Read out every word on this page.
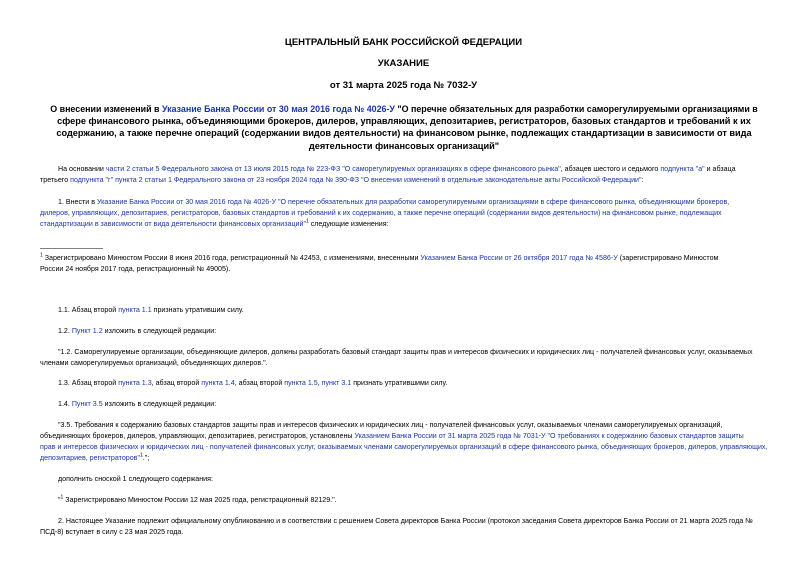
ЦЕНТРАЛЬНЫЙ БАНК РОССИЙСКОЙ ФЕДЕРАЦИИ
УКАЗАНИЕ
от 31 марта 2025 года № 7032-У
О внесении изменений в Указание Банка России от 30 мая 2016 года № 4026-У "О перечне обязательных для разработки саморегулируемыми организациями в
сфере финансового рынка, объединяющими брокеров, дилеров, управляющих, депозитариев, регистраторов, базовых стандартов и требований к их
содержанию, а также перечне операций (содержании видов деятельности) на финансовом рынке, подлежащих стандартизации в зависимости от вида
деятельности финансовых организаций"
На основании части 2 статьи 5 Федерального закона от 13 июля 2015 года № 223-ФЗ "О саморегулируемых организациях в сфере финансового рынка", абзацев шестого и седьмого подпункта "а" и абзаца
третьего подпункта "г" пункта 2 статьи 1 Федерального закона от 23 ноября 2024 года № 390-ФЗ "О внесении изменений в отдельные законодательные акты Российской Федерации":
1. Внести в Указание Банка России от 30 мая 2016 года № 4026-У "О перечне обязательных для разработки саморегулируемыми организациями в сфере финансового рынка, объединяющими брокеров,
дилеров, управляющих, депозитариев, регистраторов, базовых стандартов и требований к их содержанию, а также перечне операций (содержании видов деятельности) на финансовом рынке, подлежащих
стандартизации в зависимости от вида деятельности финансовых организаций"$^1$ следующие изменения:
$^1$ Зарегистрировано Минюстом России 8 июня 2016 года, регистрационный № 42453, с изменениями, внесенными Указанием Банка России от 26 октября 2017 года № 4586-У (зарегистрировано Минюстом
России 24 ноября 2017 года, регистрационный № 49005).
1.1. Абзац второй пункта 1.1 признать утратившим силу.
1.2. Пункт 1.2 изложить в следующей редакции:
"1.2. Саморегулируемые организации, объединяющие дилеров, должны разработать базовый стандарт защиты прав и интересов физических и юридических лиц - получателей финансовых услуг, оказываемых
членами саморегулируемых организаций, объединяющих дилеров.".
1.3. Абзац второй пункта 1.3, абзац второй пункта 1.4, абзац второй пункта 1.5, пункт 3.1 признать утратившими силу.
1.4. Пункт 3.5 изложить в следующей редакции:
"3.5. Требования к содержанию базовых стандартов защиты прав и интересов физических и юридических лиц - получателей финансовых услуг, оказываемых членами саморегулируемых организаций,
объединяющих брокеров, дилеров, управляющих, депозитариев, регистраторов, установлены Указанием Банка России от 31 марта 2025 года № 7031-У "О требованиях к содержанию базовых стандартов защиты
прав и интересов физических и юридических лиц - получателей финансовых услуг, оказываемых членами саморегулируемых организаций в сфере финансового рынка, объединяющих брокеров, дилеров, управляющих,
депозитариев, регистраторов"$^1$.";
дополнить сноской 1 следующего содержания:
"$^1$ Зарегистрировано Минюстом России 12 мая 2025 года, регистрационный 82129.".
2. Настоящее Указание подлежит официальному опубликованию и в соответствии с решением Совета директоров Банка России (протокол заседания Совета директоров Банка России от 21 марта 2025 года №
ПСД-8) вступает в силу с 23 мая 2025 года.
